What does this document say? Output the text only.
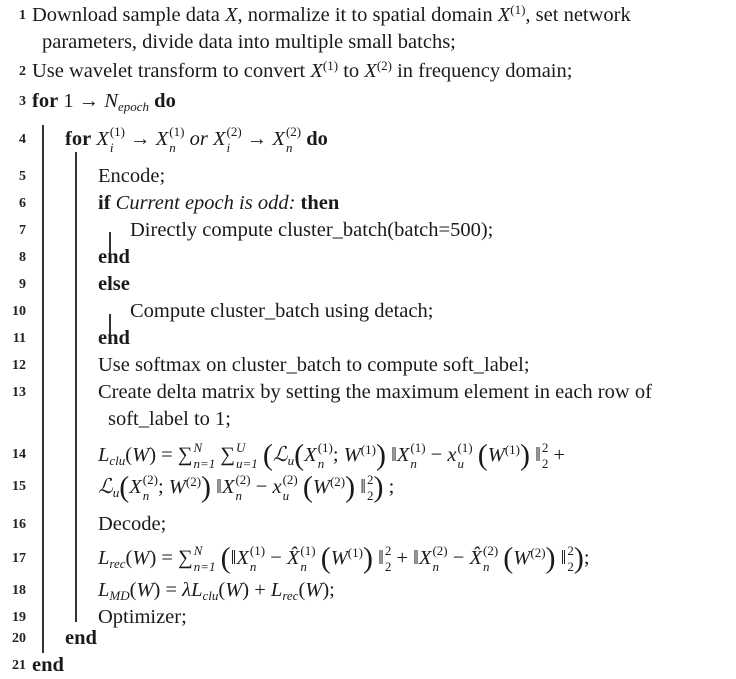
1 Download sample data X, normalize it to spatial domain $X^{(1)}$, set network
parameters, divide data into multiple small batchs;
2 Use wavelet transform to convert $X^{(1)}$ to $X^{(2)}$ in frequency domain;
3 for $1 \to N_{epoch}$ do
4 for X (1)
i → X (1)
n or X (2)
i → X (2)
n do
5	Encode;
6	if Current epoch is odd: then
7	Directly compute cluster_batch(batch=500);
8	end
9	else
10	Compute cluster_batch using detach;
11	end
12	Use softmax on cluster_batch to compute soft_label;
13	Create delta matrix by setting the maximum element in each row of
soft_label to 1;
14	$L_{clu}(W)$ = ∑ N
n=1 ∑ U
u=1 (ℒ$_u$(X (1)
n ; $W^{(1)}$) ‖X (1)
n − x (1)
u $(W^{(1)})$ ‖ 2
2 +
15	ℒ$_u$(X (2)
n ; $W^{(2)}$) ‖X (2)
n − x (2)
u $(W^{(2)})$ ‖ 2
2 ) ;
16	Decode;
17	$L_{rec}(W)$ = ∑ N
n=1 (‖X (1)
n − X̂ (1)
n $(W^{(1)})$ ‖ 2
2 + ‖X (2)
n − X̂ (2)
n $(W^{(2)})$ ‖ 2
2 );
18	$L_{MD}(W) = \lambda L_{clu}(W) + L_{rec}(W)$;
19	Optimizer;
20 end
21 end
